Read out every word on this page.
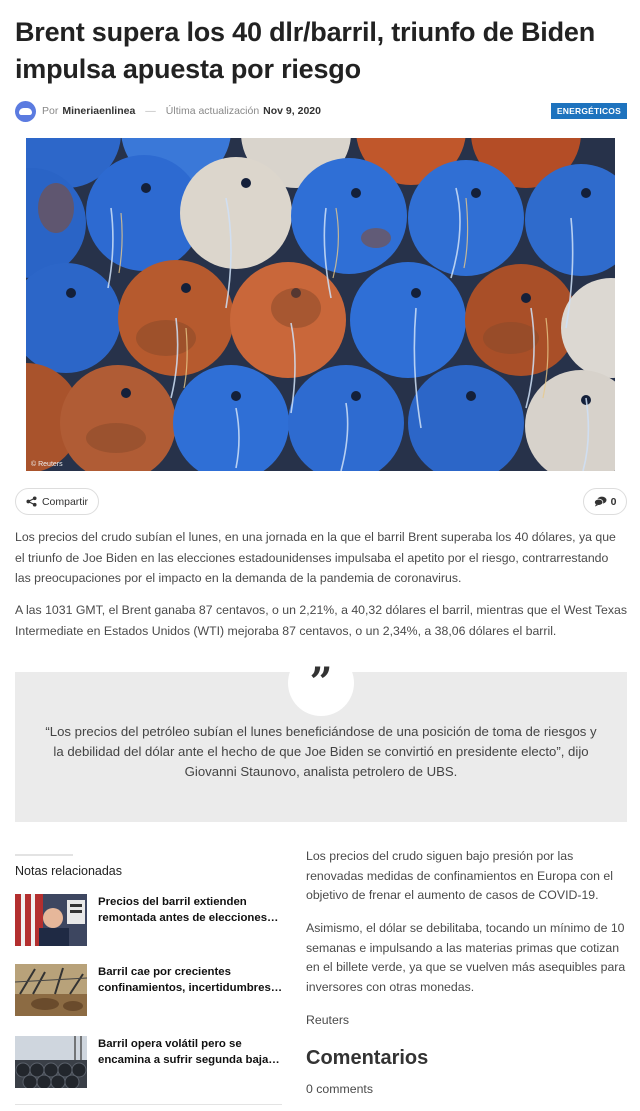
Brent supera los 40 dlr/barril, triunfo de Biden impulsa apuesta por riesgo
Por Mineriaenlinea — Última actualización Nov 9, 2020	ENERGÉTICOS
© Reuters
Compartir	0

Los precios del crudo subían el lunes, en una jornada en la que el barril Brent superaba los 40 dólares, ya que el triunfo de Joe Biden en las elecciones estadounidenses impulsaba el apetito por el riesgo, contrarrestando las preocupaciones por el impacto en la demanda de la pandemia de coronavirus.

A las 1031 GMT, el Brent ganaba 87 centavos, o un 2,21%, a 40,32 dólares el barril, mientras que el West Texas Intermediate en Estados Unidos (WTI) mejoraba 87 centavos, o un 2,34%, a 38,06 dólares el barril.

”

“Los precios del petróleo subían el lunes beneficiándose de una posición de toma de riesgos y la debilidad del dólar ante el hecho de que Joe Biden se convirtió en presidente electo”, dijo Giovanni Staunovo, analista petrolero de UBS.

Notas relacionadas
Precios del barril extienden remontada antes de elecciones…
Barril cae por crecientes confinamientos, incertidumbres…
Barril opera volátil pero se encamina a sufrir segunda baja…

Los precios del crudo siguen bajo presión por las renovadas medidas de confinamientos en Europa con el objetivo de frenar el aumento de casos de COVID-19.

Asimismo, el dólar se debilitaba, tocando un mínimo de 10 semanas e impulsando a las materias primas que cotizan en el billete verde, ya que se vuelven más asequibles para inversores con otras monedas.

Reuters

Comentarios
0 comments
